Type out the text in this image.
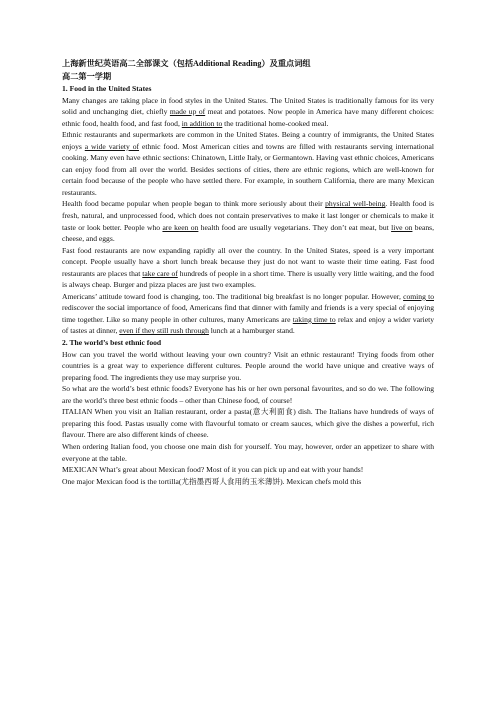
上海新世纪英语高二全部课文（包括Additional Reading）及重点词组
高二第一学期
1. Food in the United States
Many changes are taking place in food styles in the United States. The United States is traditionally famous for its very solid and unchanging diet, chiefly made up of meat and potatoes. Now people in America have many different choices: ethnic food, health food, and fast food, in addition to the traditional home-cooked meal.
Ethnic restaurants and supermarkets are common in the United States. Being a country of immigrants, the United States enjoys a wide variety of ethnic food. Most American cities and towns are filled with restaurants serving international cooking. Many even have ethnic sections: Chinatown, Little Italy, or Germantown. Having vast ethnic choices, Americans can enjoy food from all over the world. Besides sections of cities, there are ethnic regions, which are well-known for certain food because of the people who have settled there. For example, in southern California, there are many Mexican restaurants.
Health food became popular when people began to think more seriously about their physical well-being. Health food is fresh, natural, and unprocessed food, which does not contain preservatives to make it last longer or chemicals to make it taste or look better. People who are keen on health food are usually vegetarians. They don’t eat meat, but live on beans, cheese, and eggs.
Fast food restaurants are now expanding rapidly all over the country. In the United States, speed is a very important concept. People usually have a short lunch break because they just do not want to waste their time eating. Fast food restaurants are places that take care of hundreds of people in a short time. There is usually very little waiting, and the food is always cheap. Burger and pizza places are just two examples.
Americans’ attitude toward food is changing, too. The traditional big breakfast is no longer popular. However, coming to rediscover the social importance of food, Americans find that dinner with family and friends is a very special of enjoying time together. Like so many people in other cultures, many Americans are taking time to relax and enjoy a wider variety of tastes at dinner, even if they still rush through lunch at a hamburger stand.
2. The world’s best ethnic food
How can you travel the world without leaving your own country? Visit an ethnic restaurant! Trying foods from other countries is a great way to experience different cultures. People around the world have unique and creative ways of preparing food. The ingredients they use may surprise you.
So what are the world’s best ethnic foods? Everyone has his or her own personal favourites, and so do we. The following are the world’s three best ethnic foods – other than Chinese food, of course!
ITALIAN When you visit an Italian restaurant, order a pasta(意大利面食) dish. The Italians have hundreds of ways of preparing this food. Pastas usually come with flavourful tomato or cream sauces, which give the dishes a powerful, rich flavour. There are also different kinds of cheese.
When ordering Italian food, you choose one main dish for yourself. You may, however, order an appetizer to share with everyone at the table.
MEXICAN What’s great about Mexican food? Most of it you can pick up and eat with your hands!
One major Mexican food is the tortilla(尤指墨西哥人食用的玉米薄饼). Mexican chefs mold this
